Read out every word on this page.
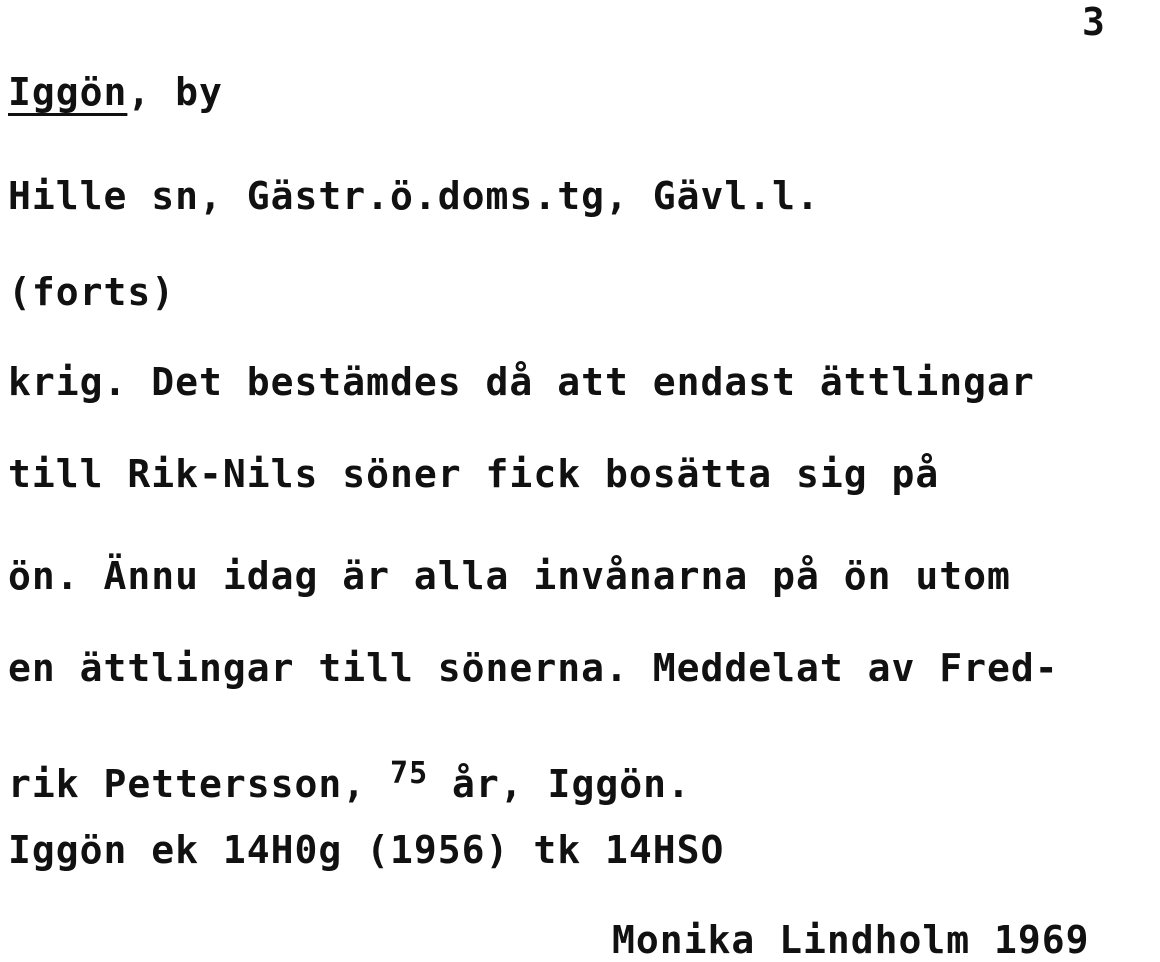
3
Iggön, by
Hille sn, Gästr.ö.doms.tg, Gävl.l.
(forts)
krig. Det bestämdes då att endast ättlingar
till Rik-Nils söner fick bosätta sig på
ön. Ännu idag är alla invånarna på ön utom
en ättlingar till sönerna. Meddelat av Fred-
rik Pettersson, $^{75}$ år, Iggön.
Iggön ek 14H0g (1956) tk 14HSO
Monika Lindholm 1969
